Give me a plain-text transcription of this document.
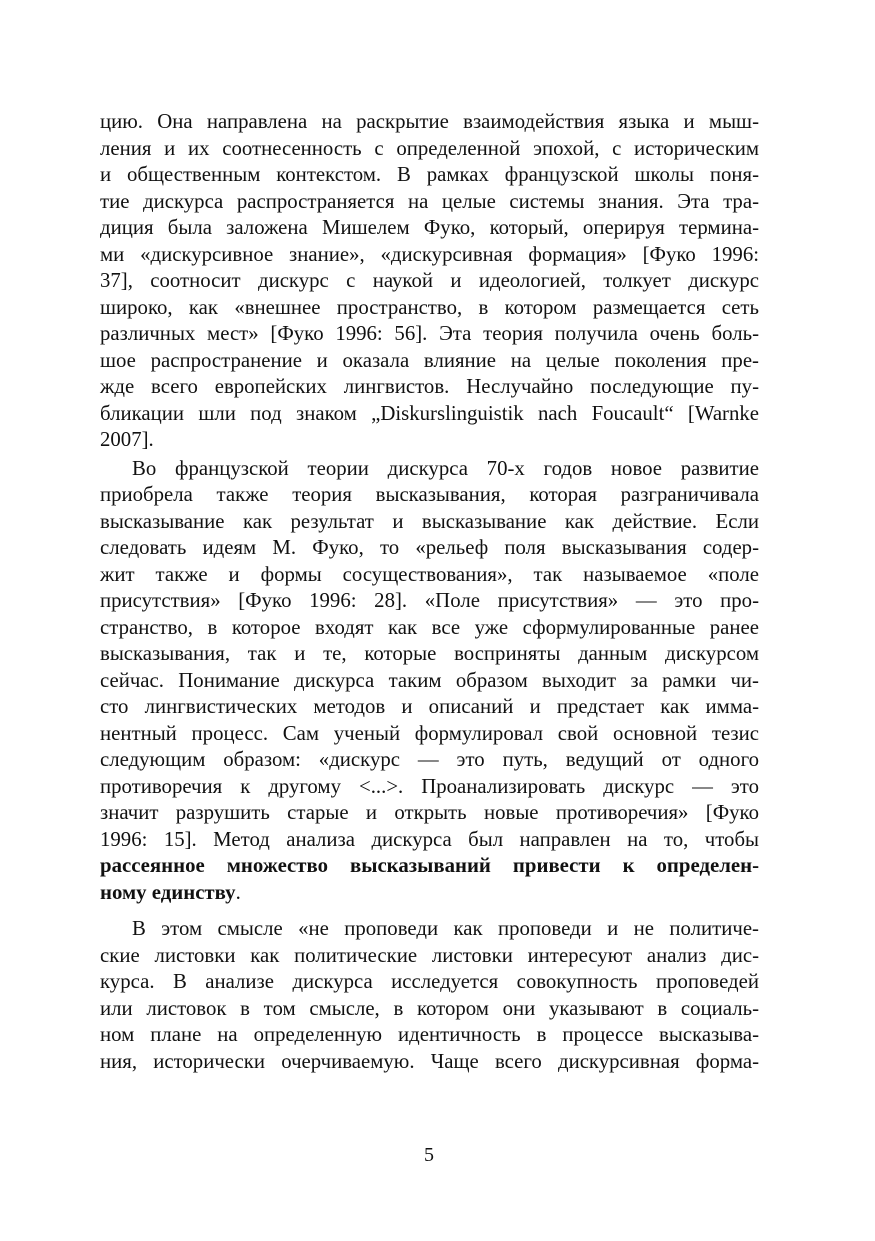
цию. Она направлена на раскрытие взаимодействия языка и мыш-
ления и их соотнесенность с определенной эпохой, с историческим
и общественным контекстом. В рамках французской школы поня-
тие дискурса распространяется на целые системы знания. Эта тра-
диция была заложена Мишелем Фуко, который, оперируя термина-
ми «дискурсивное знание», «дискурсивная формация» [Фуко 1996:
37], соотносит дискурс с наукой и идеологией, толкует дискурс
широко, как «внешнее пространство, в котором размещается сеть
различных мест» [Фуко 1996: 56]. Эта теория получила очень боль-
шое распространение и оказала влияние на целые поколения пре-
жде всего европейских лингвистов. Неслучайно последующие пу-
бликации шли под знаком „Diskurslinguistik nach Foucault“ [Warnke
2007].
Во французской теории дискурса 70-х годов новое развитие
приобрела также теория высказывания, которая разграничивала
высказывание как результат и высказывание как действие. Если
следовать идеям М. Фуко, то «рельеф поля высказывания содер-
жит также и формы сосуществования», так называемое «поле
присутствия» [Фуко 1996: 28]. «Поле присутствия» — это про-
странство, в которое входят как все уже сформулированные ранее
высказывания, так и те, которые восприняты данным дискурсом
сейчас. Понимание дискурса таким образом выходит за рамки чи-
сто лингвистических методов и описаний и предстает как имма-
нентный процесс. Сам ученый формулировал свой основной тезис
следующим образом: «дискурс — это путь, ведущий от одного
противоречия к другому <...>. Проанализировать дискурс — это
значит разрушить старые и открыть новые противоречия» [Фуко
1996: 15]. Метод анализа дискурса был направлен на то, чтобы
рассеянное множество высказываний привести к определен-
ному единству.
В этом смысле «не проповеди как проповеди и не политиче-
ские листовки как политические листовки интересуют анализ дис-
курса. В анализе дискурса исследуется совокупность проповедей
или листовок в том смысле, в котором они указывают в социаль-
ном плане на определенную идентичность в процессе высказыва-
ния, исторически очерчиваемую. Чаще всего дискурсивная форма-
5
